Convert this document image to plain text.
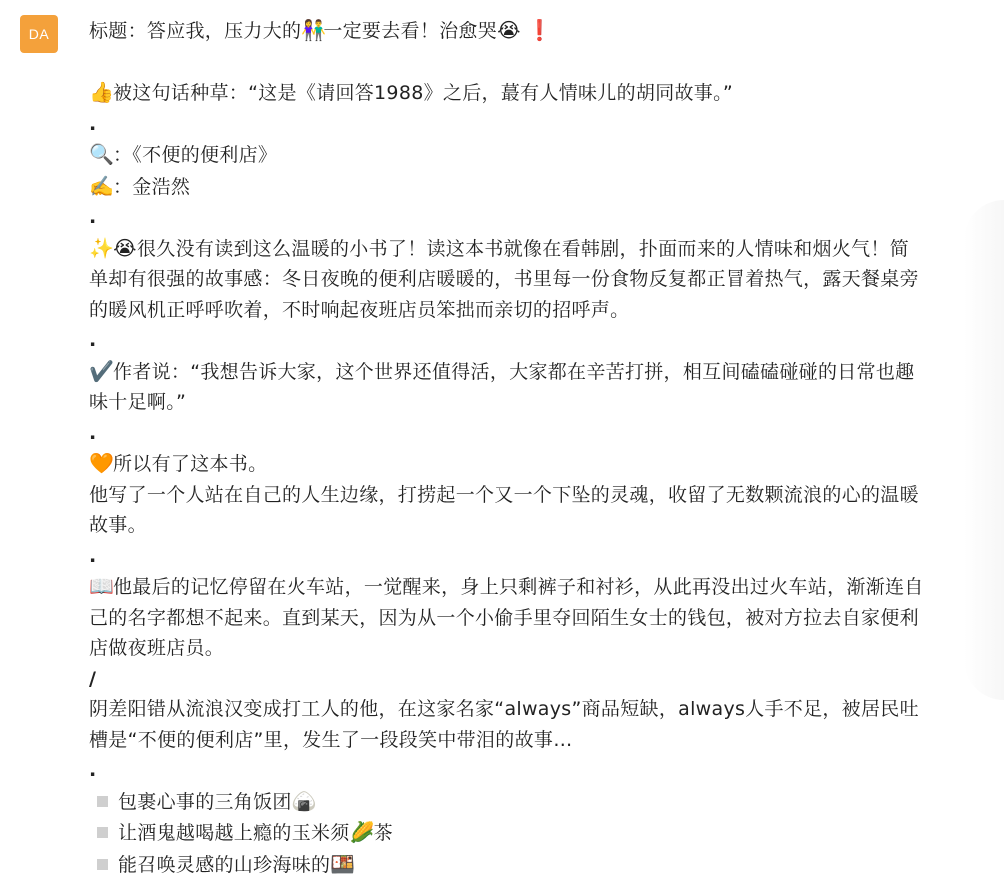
DA	标题：答应我，压力大的👫一定要去看！治愈哭😭 ❗
👍被这句话种草：“这是《请回答1988》之后，蕞有人情味儿的胡同故事。”
.
🔍：《不便的便利店》
✍️：金浩然
.
✨😭很久没有读到这么温暖的小书了！读这本书就像在看韩剧，扑面而来的人情味和烟火气！简单却有很强的故事感：冬日夜晚的便利店暖暖的，书里每一份食物反复都正冒着热气，露天餐桌旁的暖风机正呼呼吹着，不时响起夜班店员笨拙而亲切的招呼声。
.
✔️作者说：“我想告诉大家，这个世界还值得活，大家都在辛苦打拼，相互间磕磕碰碰的日常也趣味十足啊。”
.
🧡所以有了这本书。
他写了一个人站在自己的人生边缘，打捞起一个又一个下坠的灵魂，收留了无数颗流浪的心的温暖故事。
.
📖他最后的记忆停留在火车站，一觉醒来，身上只剩裤子和衬衫，从此再没出过火车站，渐渐连自己的名字都想不起来。直到某天，因为从一个小偷手里夺回陌生女士的钱包，被对方拉去自家便利店做夜班店员。
/
阴差阳错从流浪汉变成打工人的他，在这家名家“always”商品短缺，always人手不足，被居民吐槽是“不便的便利店”里，发生了一段段笑中带泪的故事…
.
包裹心事的三角饭团🍙
让酒鬼越喝越上瘾的玉米须🌽茶
能召唤灵感的山珍海味的🍱
